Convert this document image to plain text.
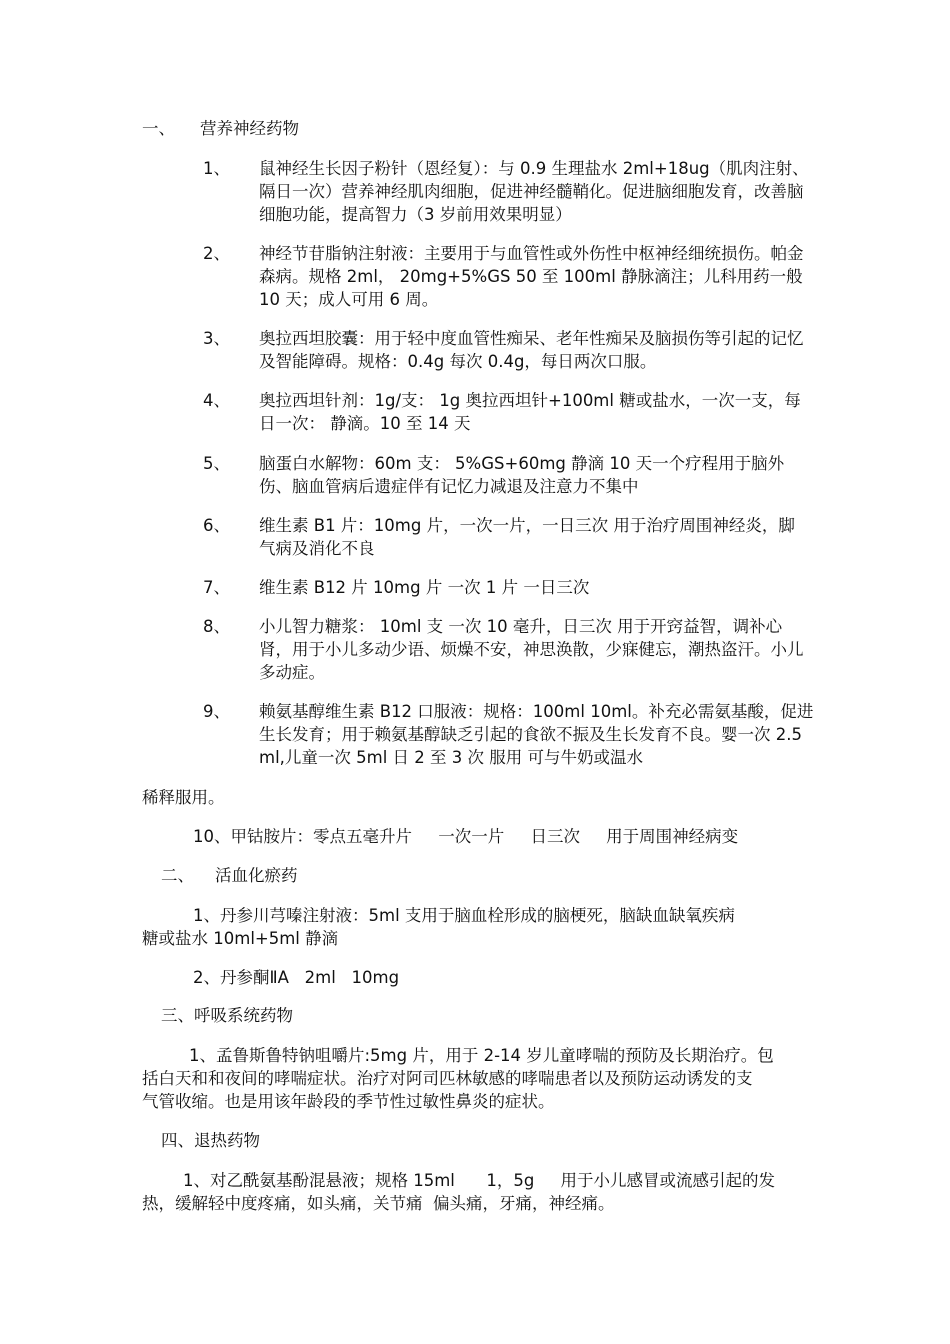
一、 营养神经药物
1、 鼠神经生长因子粉针（恩经复）：与 0.9 生理盐水 2ml+18ug（肌肉注射、隔日一次）营养神经肌肉细胞，促进神经髓鞘化。促进脑细胞发育，改善脑细胞功能，提高智力（3 岁前用效果明显）
2、 神经节苷脂钠注射液：主要用于与血管性或外伤性中枢神经细统损伤。帕金森病。规格 2ml， 20mg+5%GS 50 至 100ml 静脉滴注；儿科用药一般 10 天；成人可用 6 周。
3、 奥拉西坦胶囊：用于轻中度血管性痴呆、老年性痴呆及脑损伤等引起的记忆及智能障碍。规格：0.4g 每次 0.4g，每日两次口服。
4、 奥拉西坦针剂：1g/支： 1g 奥拉西坦针+100ml 糖或盐水，一次一支，每日一次： 静滴。10 至 14 天
5、 脑蛋白水解物：60m 支： 5%GS+60mg 静滴 10 天一个疗程用于脑外伤、脑血管病后遗症伴有记忆力减退及注意力不集中
6、 维生素 B1 片：10mg 片，一次一片，一日三次 用于治疗周围神经炎，脚气病及消化不良
7、 维生素 B12 片 10mg 片 一次 1 片 一日三次
8、 小儿智力糖浆： 10ml 支 一次 10 毫升，日三次 用于开窍益智，调补心肾，用于小儿多动少语、烦燥不安，神思涣散，少寐健忘，潮热盗汗。小儿多动症。
9、 赖氨基醇维生素 B12 口服液：规格：100ml 10ml。补充必需氨基酸，促进生长发育；用于赖氨基醇缺乏引起的食欲不振及生长发育不良。婴一次 2.5ml,儿童一次 5ml 日 2 至 3 次 服用 可与牛奶或温水
稀释服用。
10、甲钴胺片：零点五毫升片     一次一片     日三次     用于周围神经病变
二、    活血化瘀药
1、丹参川芎嗪注射液：5ml 支用于脑血栓形成的脑梗死，脑缺血缺氧疾病
糖或盐水 10ml+5ml 静滴
2、丹参酮ⅡA   2ml   10mg
三、呼吸系统药物
1、孟鲁斯鲁特钠咀嚼片:5mg 片，用于 2-14 岁儿童哮喘的预防及长期治疗。包
括白天和和夜间的哮喘症状。治疗对阿司匹林敏感的哮喘患者以及预防运动诱发的支
气管收缩。也是用该年龄段的季节性过敏性鼻炎的症状。
四、退热药物
1、对乙酰氨基酚混悬液；规格 15ml      1，5g     用于小儿感冒或流感引起的发
热，缓解轻中度疼痛，如头痛，关节痛  偏头痛，牙痛，神经痛。
